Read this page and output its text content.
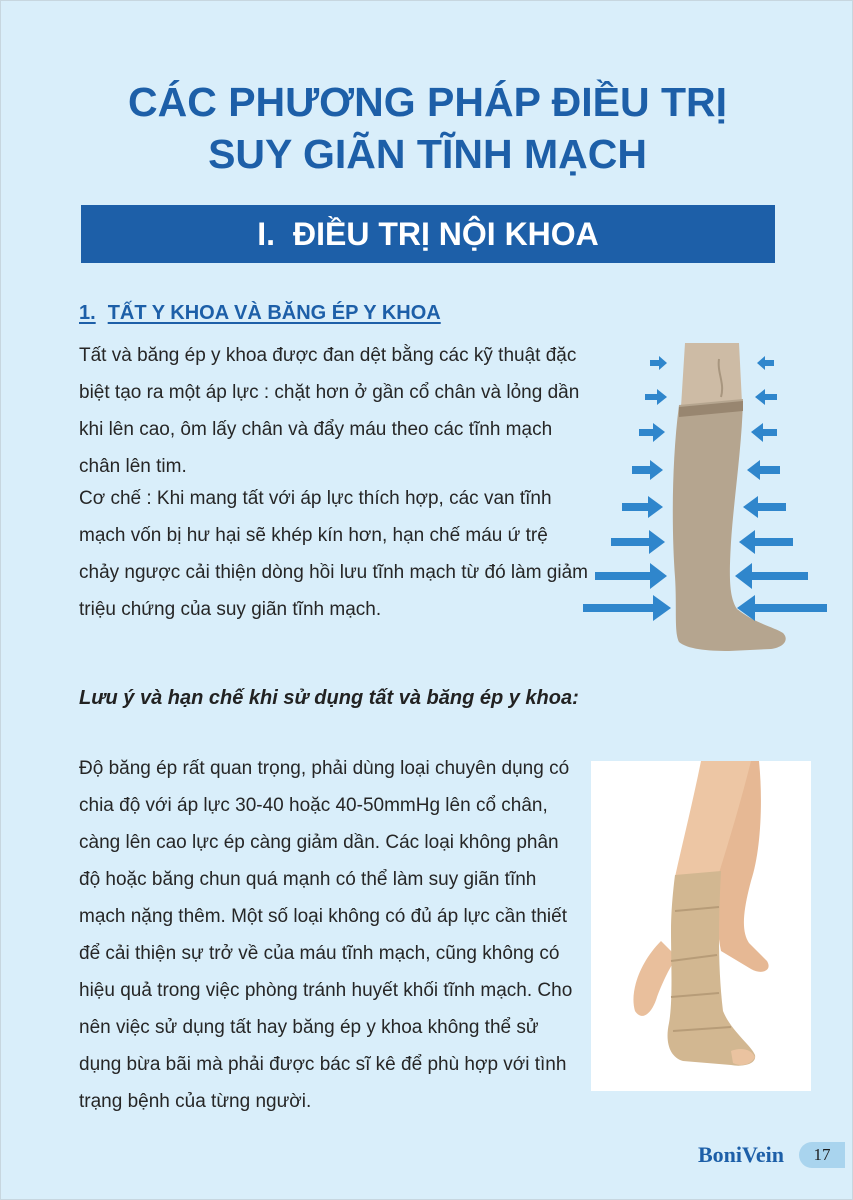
CÁC PHƯƠNG PHÁP ĐIỀU TRỊ
SUY GIÃN TĨNH MẠCH
I. ĐIỀU TRỊ NỘI KHOA
1. TẤT Y KHOA VÀ BĂNG ÉP Y KHOA

Tất và băng ép y khoa được đan dệt bằng các kỹ thuật đặc biệt tạo ra một áp lực : chặt hơn ở gần cổ chân và lỏng dần khi lên cao, ôm lấy chân và đẩy máu theo các tĩnh mạch chân lên tim.

Cơ chế : Khi mang tất với áp lực thích hợp, các van tĩnh mạch vốn bị hư hại sẽ khép kín hơn, hạn chế máu ứ trệ chảy ngược cải thiện dòng hồi lưu tĩnh mạch từ đó làm giảm triệu chứng của suy giãn tĩnh mạch.

Lưu ý và hạn chế khi sử dụng tất và băng ép y khoa:

Độ băng ép rất quan trọng, phải dùng loại chuyên dụng có chia độ với áp lực 30-40 hoặc 40-50mmHg lên cổ chân, càng lên cao lực ép càng giảm dần. Các loại không phân độ hoặc băng chun quá mạnh có thể làm suy giãn tĩnh mạch nặng thêm. Một số loại không có đủ áp lực cần thiết để cải thiện sự trở về của máu tĩnh mạch, cũng không có hiệu quả trong việc phòng tránh huyết khối tĩnh mạch. Cho nên việc sử dụng tất hay băng ép y khoa không thể sử dụng bừa bãi mà phải được bác sĩ kê để phù hợp với tình trạng bệnh của từng người.

BoniVein	17
